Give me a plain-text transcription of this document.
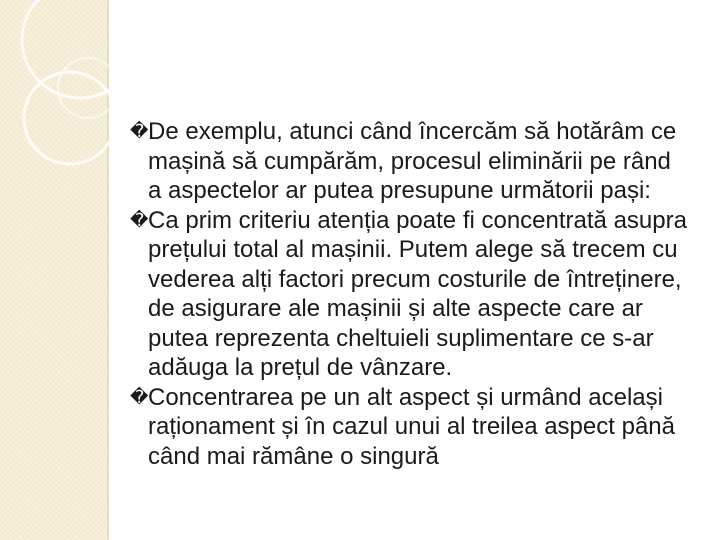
� De exemplu, atunci când încercăm să hotărâm ce mașină să cumpărăm, procesul eliminării pe rând a aspectelor ar putea presupune următorii pași:

� Ca prim criteriu atenția poate fi concentrată asupra prețului total al mașinii. Putem alege să trecem cu vederea alți factori precum costurile de întreținere, de asigurare ale mașinii și alte aspecte care ar putea reprezenta cheltuieli suplimentare ce s-ar adăuga la prețul de vânzare.

� Concentrarea pe un alt aspect și urmând același raționament și în cazul unui al treilea aspect până când mai rămâne o singură
